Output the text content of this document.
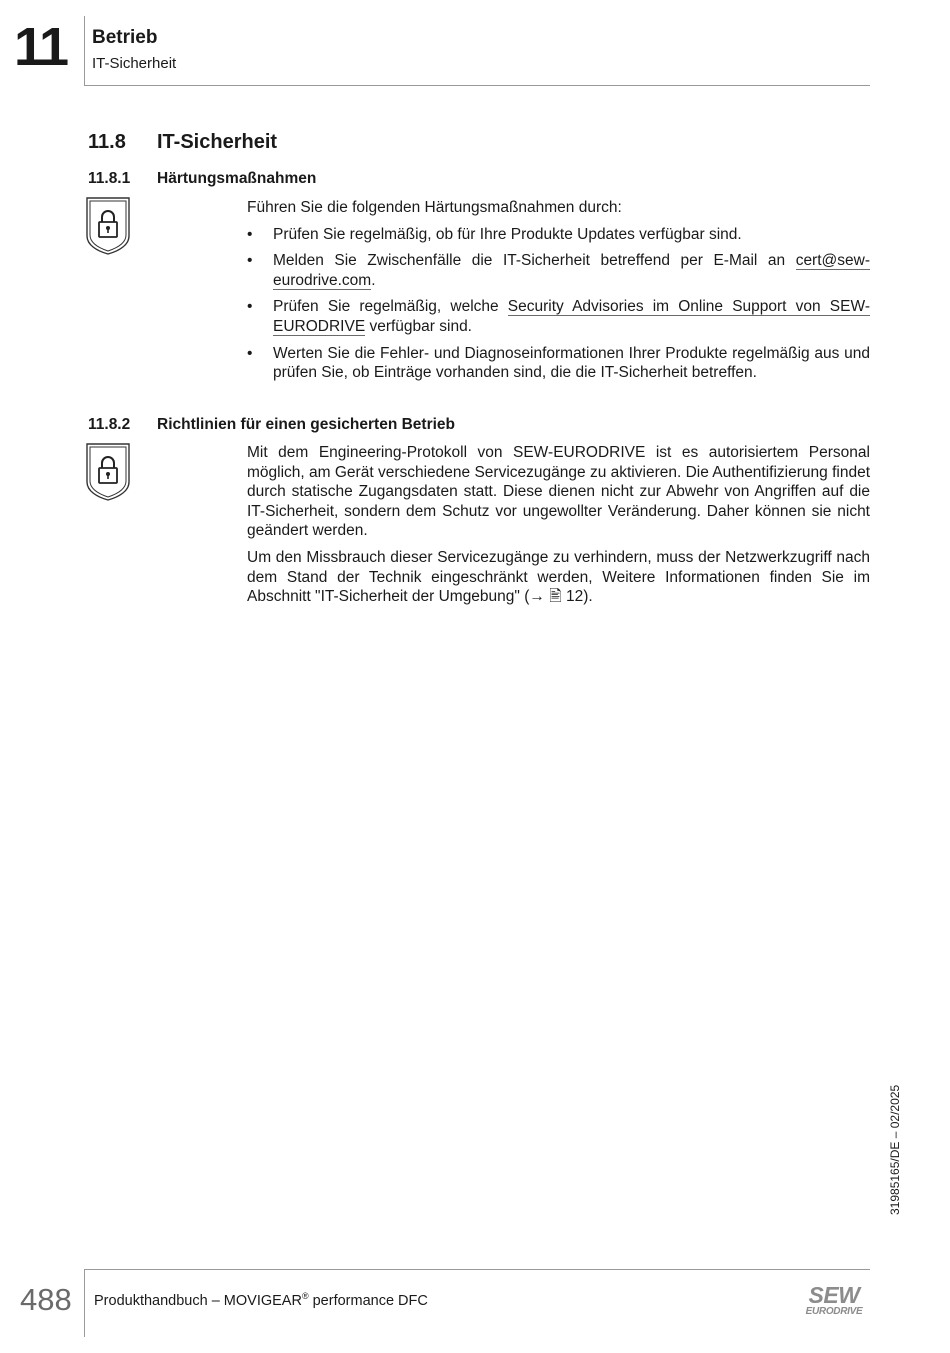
11 Betrieb
IT-Sicherheit
11.8 IT-Sicherheit
11.8.1 Härtungsmaßnahmen

Führen Sie die folgenden Härtungsmaßnahmen durch:

• Prüfen Sie regelmäßig, ob für Ihre Produkte Updates verfügbar sind.
• Melden Sie Zwischenfälle die IT-Sicherheit betreffend per E-Mail an cert@sew-eurodrive.com.
• Prüfen Sie regelmäßig, welche Security Advisories im Online Support von SEW-EURODRIVE verfügbar sind.
• Werten Sie die Fehler- und Diagnoseinformationen Ihrer Produkte regelmäßig aus und prüfen Sie, ob Einträge vorhanden sind, die die IT-Sicherheit betreffen.
11.8.2 Richtlinien für einen gesicherten Betrieb

Mit dem Engineering-Protokoll von SEW-EURODRIVE ist es autorisiertem Personal möglich, am Gerät verschiedene Servicezugänge zu aktivieren. Die Authentifizierung findet durch statische Zugangsdaten statt. Diese dienen nicht zur Abwehr von Angriffen auf die IT-Sicherheit, sondern dem Schutz vor ungewollter Veränderung. Daher können sie nicht geändert werden.

Um den Missbrauch dieser Servicezugänge zu verhindern, muss der Netzwerkzugriff nach dem Stand der Technik eingeschränkt werden, Weitere Informationen finden Sie im Abschnitt "IT-Sicherheit der Umgebung" (→ 🖹 12).

31985165/DE – 02/2025
488 Produkthandbuch – MOVIGEAR® performance DFC	SEW
EURODRIVE
